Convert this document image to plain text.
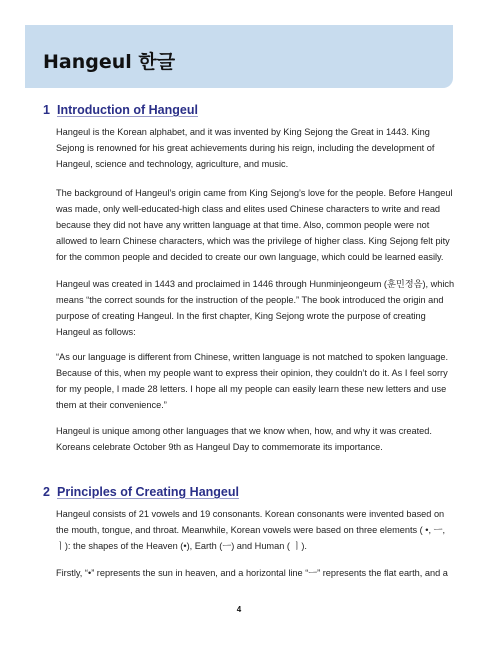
Hangeul 한글
1 Introduction of Hangeul

Hangeul is the Korean alphabet, and it was invented by King Sejong the Great in 1443. King Sejong is renowned for his great achievements during his reign, including the development of Hangeul, science and technology, agriculture, and music.

The background of Hangeul’s origin came from King Sejong’s love for the people. Before Hangeul was made, only well-educated-high class and elites used Chinese characters to write and read because they did not have any written language at that time. Also, common people were not allowed to learn Chinese characters, which was the privilege of higher class. King Sejong felt pity for the common people and decided to create our own language, which could be learned easily.

Hangeul was created in 1443 and proclaimed in 1446 through Hunminjeongeum (훈민정음), which means “the correct sounds for the instruction of the people.” The book introduced the origin and purpose of creating Hangeul. In the first chapter, King Sejong wrote the purpose of creating Hangeul as follows:

“As our language is different from Chinese, written language is not matched to spoken language. Because of this, when my people want to express their opinion, they couldn’t do it. As I feel sorry for my people, I made 28 letters. I hope all my people can easily learn these new letters and use them at their convenience.”

Hangeul is unique among other languages that we know when, how, and why it was created. Koreans celebrate October 9th as Hangeul Day to commemorate its importance.

2 Principles of Creating Hangeul

Hangeul consists of 21 vowels and 19 consonants. Korean consonants were invented based on the mouth, tongue, and throat. Meanwhile, Korean vowels were based on three elements ( •, ㅡ, ㅣ): the shapes of the Heaven (•), Earth (ㅡ) and Human ( ㅣ).

Firstly, “•” represents the sun in heaven, and a horizontal line “ㅡ” represents the flat earth, and a

4
